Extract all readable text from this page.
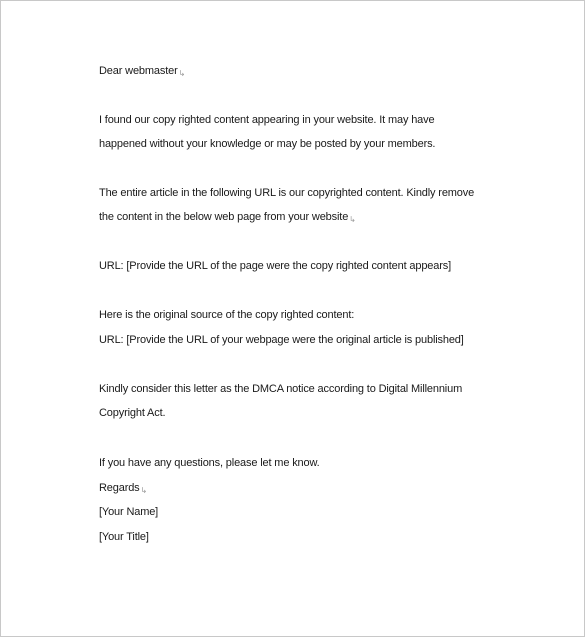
Dear webmaster↳
I found our copy righted content appearing in your website. It may have
happened without your knowledge or may be posted by your members.
The entire article in the following URL is our copyrighted content. Kindly remove
the content in the below web page from your website↳
URL: [Provide the URL of the page were the copy righted content appears]
Here is the original source of the copy righted content:
URL: [Provide the URL of your webpage were the original article is published]
Kindly consider this letter as the DMCA notice according to Digital Millennium
Copyright Act.
If you have any questions, please let me know.
Regards↳
[Your Name]
[Your Title]
